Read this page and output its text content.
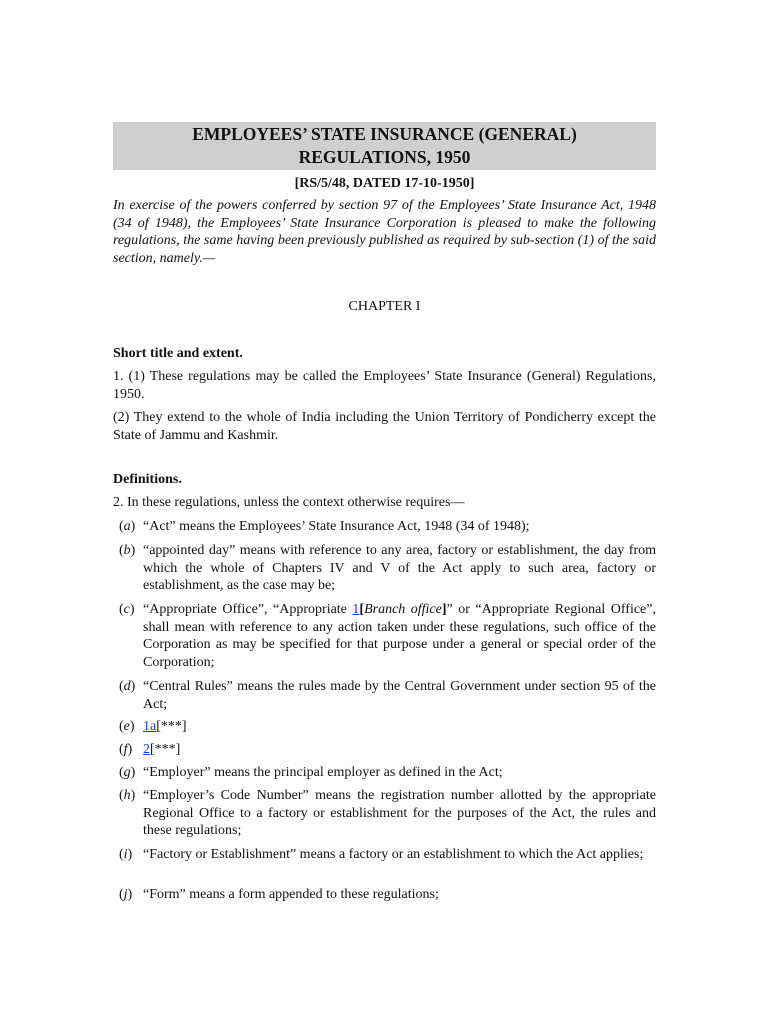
EMPLOYEES’ STATE INSURANCE (GENERAL)
REGULATIONS, 1950
[RS/5/48, DATED 17-10-1950]
In exercise of the powers conferred by section 97 of the Employees’ State Insurance Act, 1948 (34 of 1948), the Employees’ State Insurance Corporation is pleased to make the following regulations, the same having been previously published as required by sub-section (1) of the said section, namely.—
CHAPTER I
Short title and extent.
1. (1) These regulations may be called the Employees’ State Insurance (General) Regulations, 1950.
(2) They extend to the whole of India including the Union Territory of Pondicherry except the State of Jammu and Kashmir.
Definitions.
2. In these regulations, unless the context otherwise requires—
(a) “Act” means the Employees’ State Insurance Act, 1948 (34 of 1948);
(b) “appointed day” means with reference to any area, factory or establishment, the day from which the whole of Chapters IV and V of the Act apply to such area, factory or establishment, as the case may be;
(c) “Appropriate Office”, “Appropriate 1[Branch office]” or “Appropriate Regional Office”, shall mean with reference to any action taken under these regulations, such office of the Corporation as may be specified for that purpose under a general or special order of the Corporation;
(d) “Central Rules” means the rules made by the Central Government under section 95 of the Act;
(e) 1a[***]
(f) 2[***]
(g) “Employer” means the principal employer as defined in the Act;
(h) “Employer’s Code Number” means the registration number allotted by the appropriate Regional Office to a factory or establishment for the purposes of the Act, the rules and these regulations;
(i) “Factory or Establishment” means a factory or an establishment to which the Act applies;
(j) “Form” means a form appended to these regulations;
